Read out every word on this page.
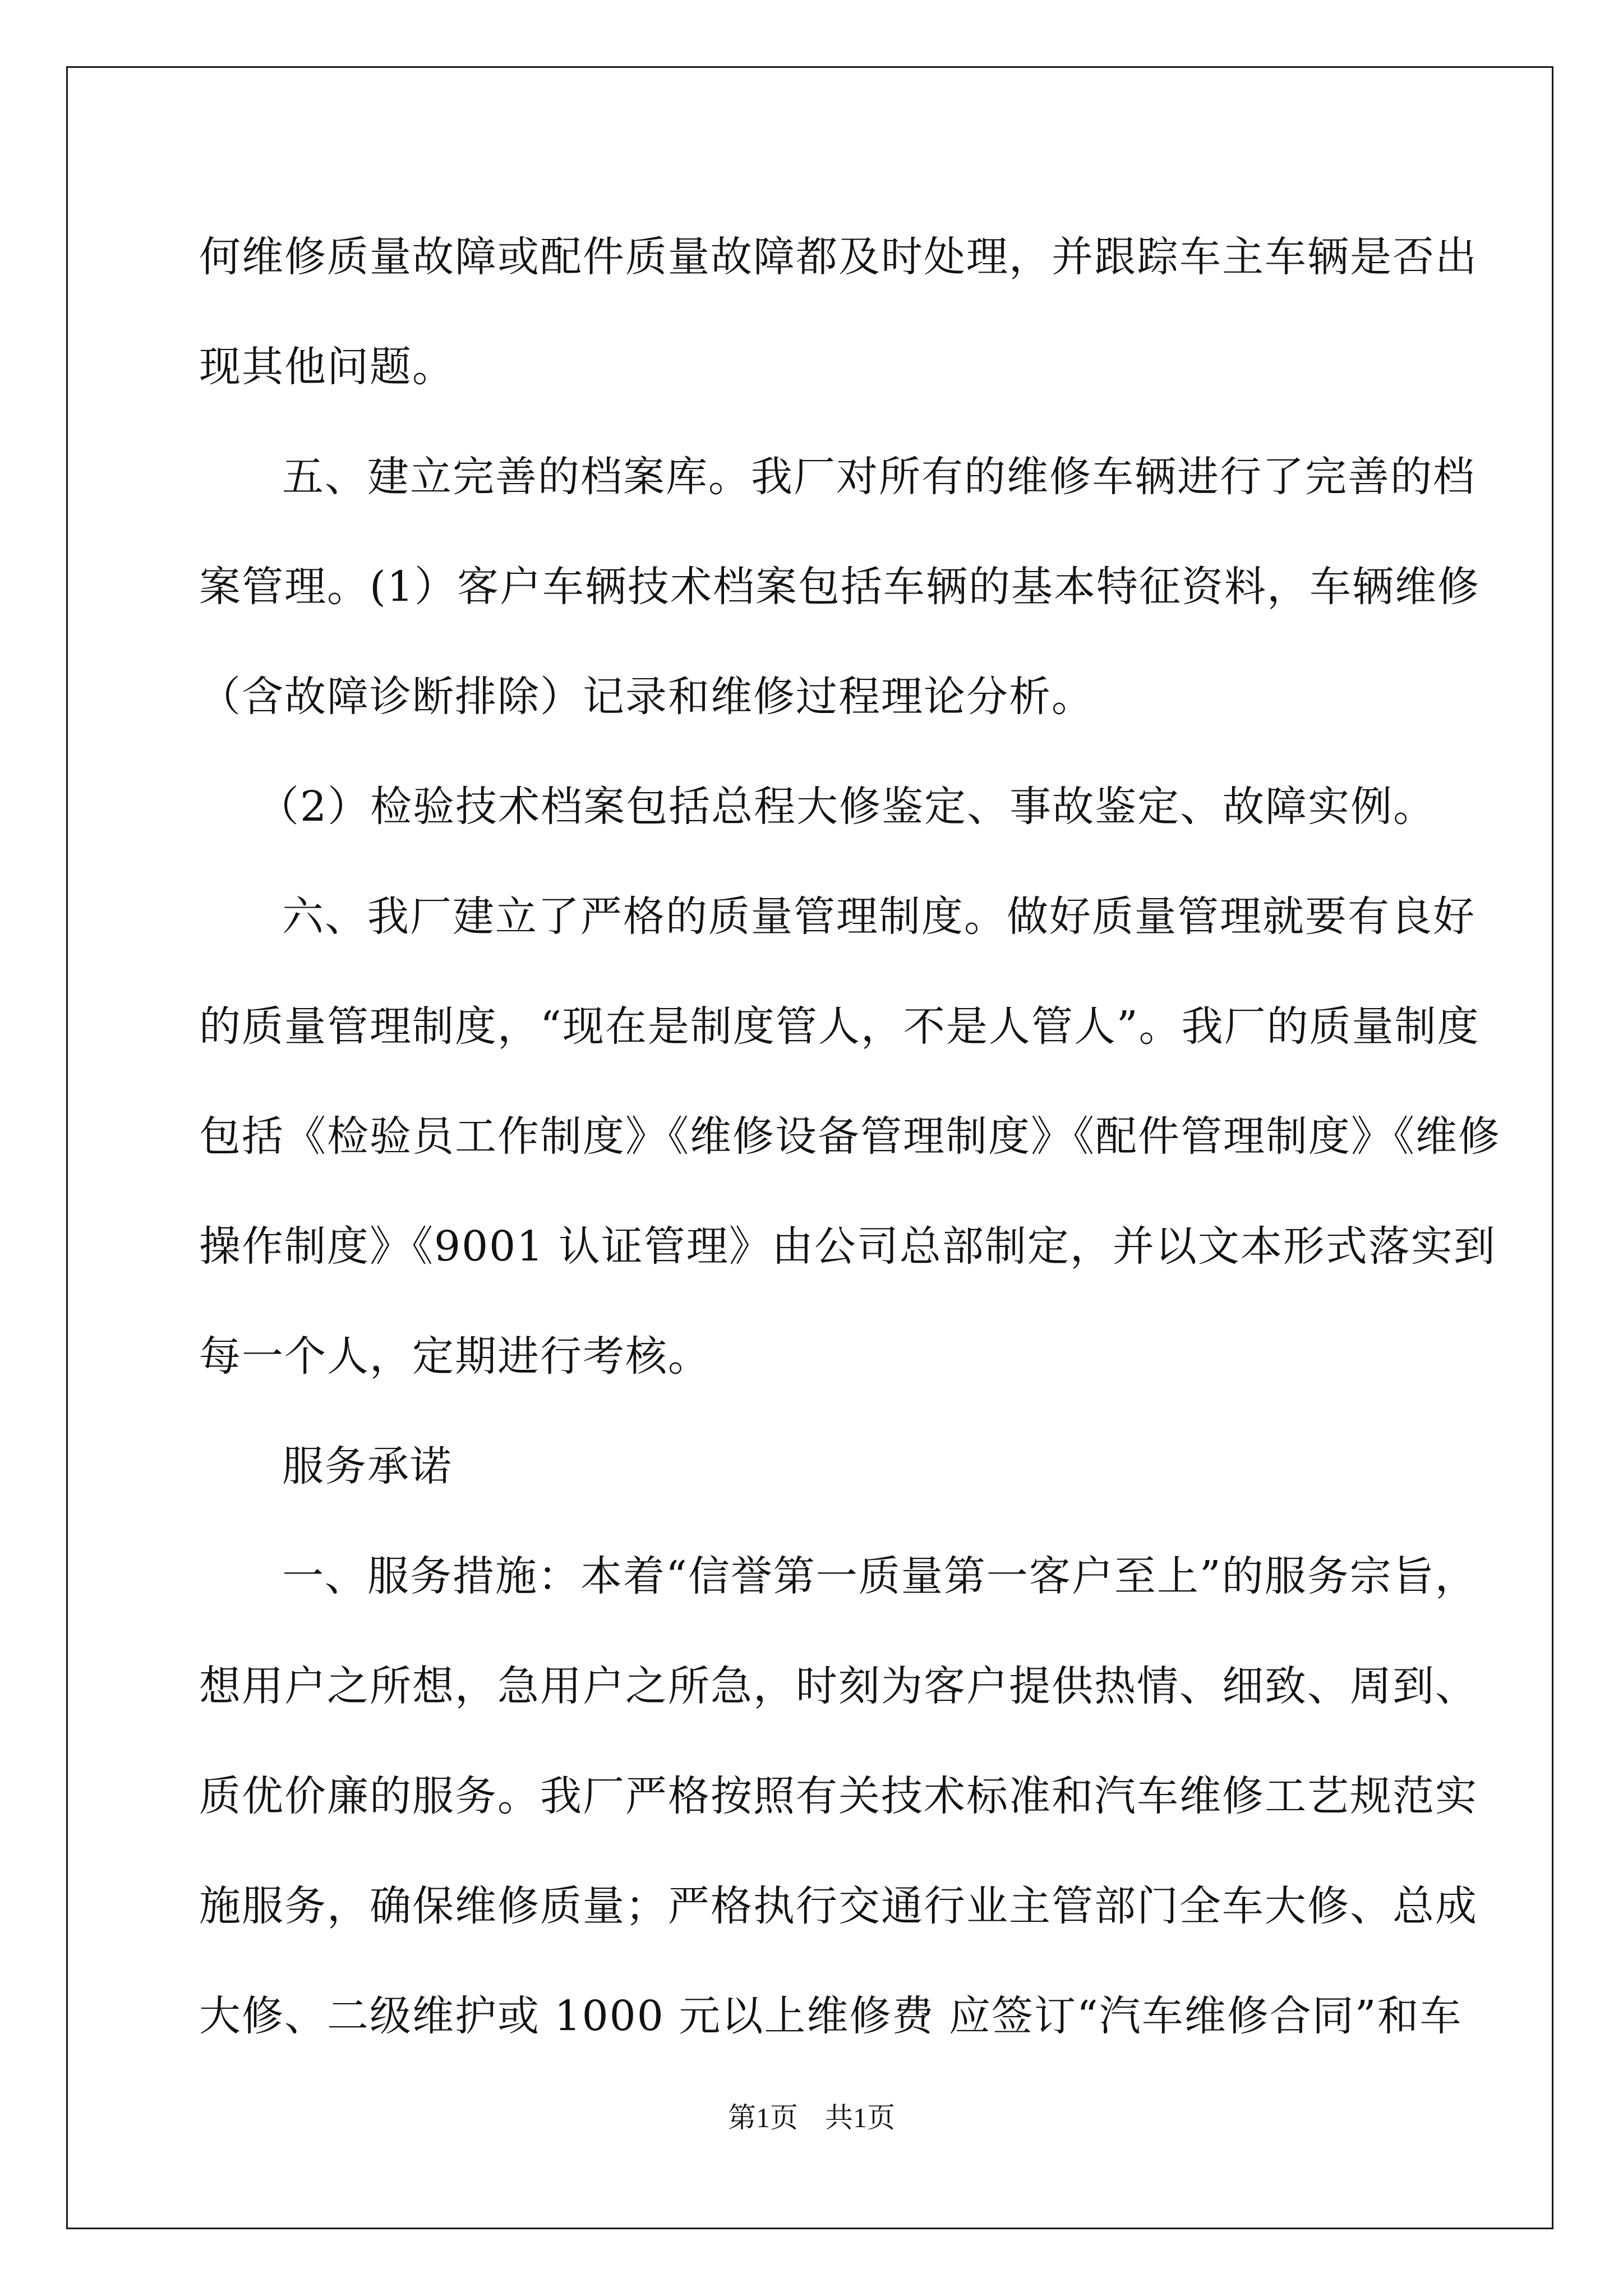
何维修质量故障或配件质量故障都及时处理，并跟踪车主车辆是否出

现其他问题。

五、建立完善的档案库。我厂对所有的维修车辆进行了完善的档

案管理。(1）客户车辆技术档案包括车辆的基本特征资料，车辆维修

（含故障诊断排除）记录和维修过程理论分析。

（2）检验技术档案包括总程大修鉴定、事故鉴定、故障实例。

六、我厂建立了严格的质量管理制度。做好质量管理就要有良好

的质量管理制度，“现在是制度管人，不是人管人”。我厂的质量制度

包括《检验员工作制度》《维修设备管理制度》《配件管理制度》《维修

操作制度》《9001 认证管理》由公司总部制定，并以文本形式落实到

每一个人，定期进行考核。

服务承诺

一、服务措施：本着“信誉第一质量第一客户至上”的服务宗旨，

想用户之所想，急用户之所急，时刻为客户提供热情、细致、周到、

质优价廉的服务。我厂严格按照有关技术标准和汽车维修工艺规范实

施服务，确保维修质量；严格执行交通行业主管部门全车大修、总成

大修、二级维护或 1000 元以上维修费 应签订“汽车维修合同”和车

第1页 共1页
